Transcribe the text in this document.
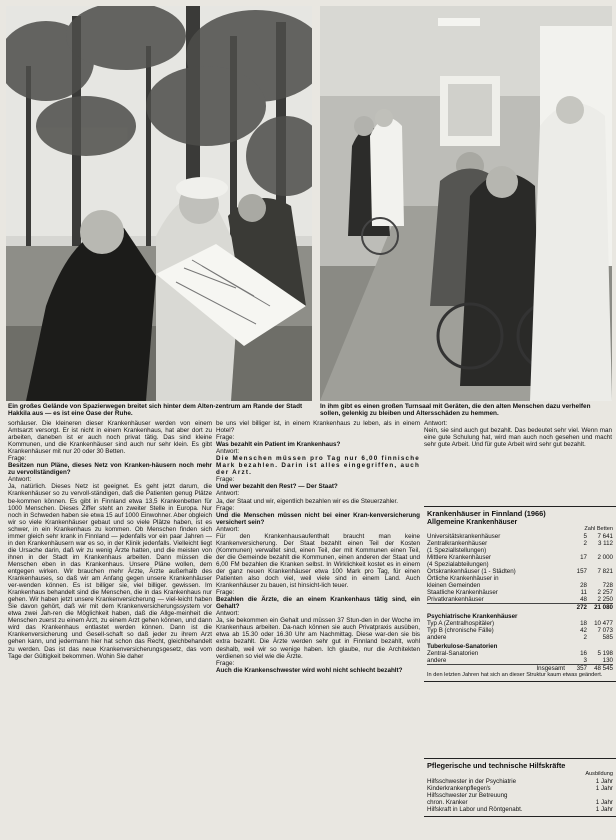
Ein großes Gelände von Spazierwegen breitet sich hinter dem Alten-zentrum am Rande der Stadt Hakkila aus — es ist eine Oase der Ruhe.
In ihm gibt es einen großen Turnsaal mit Geräten, die den alten Menschen dazu verhelfen sollen, gelenkig zu bleiben und Altersschäden zu hemmen.

sorhäuser. Die kleineren dieser Krankenhäuser werden von einem Amtsarzt versorgt. Er ist nicht in einem Krankenhaus, hat aber dort zu arbeiten, daneben ist er auch noch privat tätig. Das sind kleine Kommunen, und die Krankenhäuser sind auch nur sehr klein. Es gibt Krankenhäuser mit nur 20 oder 30 Betten.

Frage:

Besitzen nun Pläne, dieses Netz von Kranken-häusern noch mehr zu vervollständigen?

Antwort:

Ja, natürlich. Dieses Netz ist geeignet. Es geht jetzt darum, die Krankenhäuser so zu vervoll-ständigen, daß die Patienten genug Plätze be-kommen können. Es gibt in Finnland etwa 13,5 Krankenbetten für 1000 Menschen. Dieses Ziffer steht an zweiter Stelle in Europa. Nur noch in Schweden haben sie etwa 15 auf 1000 Einwohner. Aber obgleich wir so viele Krankenhäuser gebaut und so viele Plätze haben, ist es schwer, in ein Krankenhaus zu kommen. Ob Menschen finden sich immer gleich sehr krank in Finnland — jedenfalls vor ein paar Jahren — in den Krankenhäusern war es so, in der Klinik jedenfalls. Vielleicht liegt die Ursache darin, daß wir zu wenig Ärzte hatten, und die meisten von ihnen in der Stadt im Krankenhaus arbeiten. Dann müssen die Menschen eben in das Krankenhaus. Unsere Pläne wollen, dem entgegen wirken. Wir brauchen mehr Ärzte, Ärzte außerhalb des Krankenhauses, so daß wir am Anfang gegen unsere Krankenhäuser ver-wenden können. Es ist billiger sie, viel billiger. gewissen. Im Krankenhaus behandelt sind die Menschen, die in das Krankenhaus nur gehen. Wir haben jetzt unsere Krankenversicherung — viel-leicht haben Sie davon gehört, daß wir mit dem Krankenversicherungssystem vor etwa zwei Jah-ren die Möglichkeit haben, daß die Allge-meinheit die Menschen zuerst zu einem Arzt, zu einem Arzt gehen können, und dann wird das Krankenhaus entlastet werden können. Dann ist die Krankenversicherung und Gesell-schaft so daß jeder zu ihrem Arzt gehen kann, und jedermann hier hat schon das Recht, gleichbehandelt zu werden. Das ist das neue Krankenversicherungsgesetz, das vom Tage der Gültigkeit bekommen. Wohin Sie daher

be uns viel billiger ist, in einem Krankenhaus zu leben, als in einem Hotel?

Frage:

Was bezahlt ein Patient im Krankenhaus?

Antwort:

Die Menschen müssen pro Tag nur 6,00 finnische Mark bezahlen. Darin ist alles eingegriffen, auch der Arzt.

Frage:

Und wer bezahlt den Rest? — Der Staat?

Antwort:

Ja, der Staat und wir, eigentlich bezahlen wir es die Steuerzahler.

Frage:

Und die Menschen müssen nicht bei einer Kran-kenversicherung versichert sein?

Antwort:

Für den Krankenhausaufenthalt braucht man keine Krankenversicherung. Der Staat bezahlt einen Teil der Kosten (Kommunen) verwaltet sind, einen Teil, der mit Kommunen einen Teil, der die Gemeinde bezahlt die Kommunen, einen anderen der Staat und 6,00 FM bezahlen die Kranken selbst. In Wirklichkeit kostet es in einem der ganz neuen Krankenhäuser etwa 100 Mark pro Tag, für einen Patienten also doch viel, weil viele sind in einem Land. Auch Krankenhäuser zu bauen, ist hinsicht-lich teuer.

Frage:

Bezahlen die Ärzte, die an einem Krankenhaus tätig sind, ein Gehalt?

Antwort:

Ja, sie bekommen ein Gehalt und müssen 37 Stun-den in der Woche im Krankenhaus arbeiten. Da-nach können sie auch Privatpraxis ausüben, etwa ab 15.30 oder 16.30 Uhr am Nachmittag. Diese war-den sie bis extra bezahlt. Die Ärzte werden sehr gut in Finnland bezahlt, wohl deshalb, weil wir so wenige haben. Ich glaube, nur die Architekten verdienen so viel wie die Ärzte.

Frage:

Auch die Krankenschwester wird wohl nicht schlecht bezahlt?

Antwort:

Nein, sie sind auch gut bezahlt. Das bedeutet sehr viel. Wenn man eine gute Schulung hat, wird man auch noch gesehen und macht sehr gute Arbeit. Und für gute Arbeit wird sehr gut bezahlt.

Krankenhäuser in Finnland (1966)
Allgemeine Krankenhäuser
Zahl Betten
Universitätskrankenhäuser	5	7 641
Zentralkrankenhäuser	2	3 112
(1 Speziallstellungen)
Mittlere Krankenhäuser	17	2 000
(4 Spezialabteilungen)
Ortskrankenhäuser (1 - Städten)	157	7 821
Örtliche Krankenhäuser in
kleinen Gemeinden	28	728
Staatliche Krankenhäuser	11	2 257
Privatkrankenhäuser	48	2 250
272	21 080
Psychiatrische Krankenhäuser
Typ A (Zentralhospitäler)	18	10 477
Typ B (chronische Fälle)	42	7 073
andere	2	585
Tuberkulose-Sanatorien
Zentral-Sanatorien	16	5 198
andere	3	130
Insgesamt	357	48 545
In den letzten Jahren hat sich an dieser Struktur kaum etwas geändert.
Pflegerische und technische Hilfskräfte
Ausbildung
Hilfsschwester in der Psychiatrie	1 Jahr
Kinderkrankenpfleger/s	1 Jahr
Hilfsschwester zur Betreuung
chron. Kranker	1 Jahr
Hilfskraft in Labor und Röntgenabt.	1 Jahr
